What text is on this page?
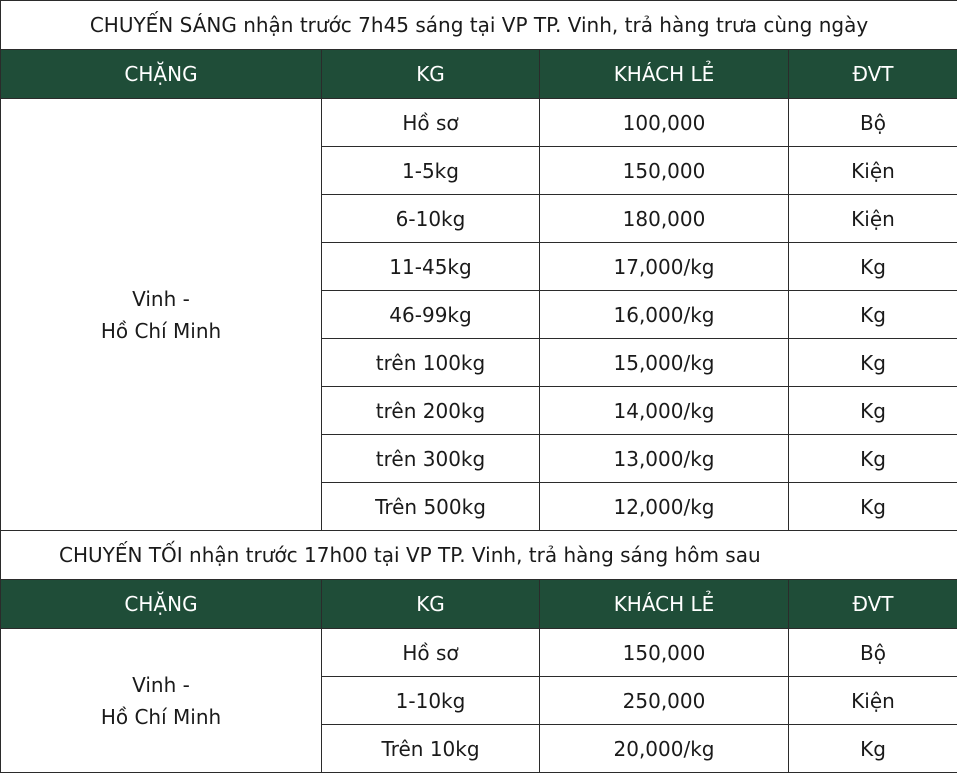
CHUYẾN SÁNG nhận trước 7h45 sáng tại VP TP. Vinh, trả hàng trưa cùng ngày			
CHẶNG	KG	KHÁCH LẺ	ĐVT

Vinh -
Hồ Chí Minh	Hồ sơ	100,000	Bộ
	1-5kg	150,000	Kiện
	6-10kg	180,000	Kiện
	11-45kg	17,000/kg	Kg
	46-99kg	16,000/kg	Kg
	trên 100kg	15,000/kg	Kg
	trên 200kg	14,000/kg	Kg
	trên 300kg	13,000/kg	Kg
	Trên 500kg	12,000/kg	Kg
CHUYẾN TỐI nhận trước 17h00 tại VP TP. Vinh, trả hàng sáng hôm sau			
CHẶNG	KG	KHÁCH LẺ	ĐVT

Vinh -
Hồ Chí Minh	Hồ sơ	150,000	Bộ
	1-10kg	250,000	Kiện
	Trên 10kg	20,000/kg	Kg
